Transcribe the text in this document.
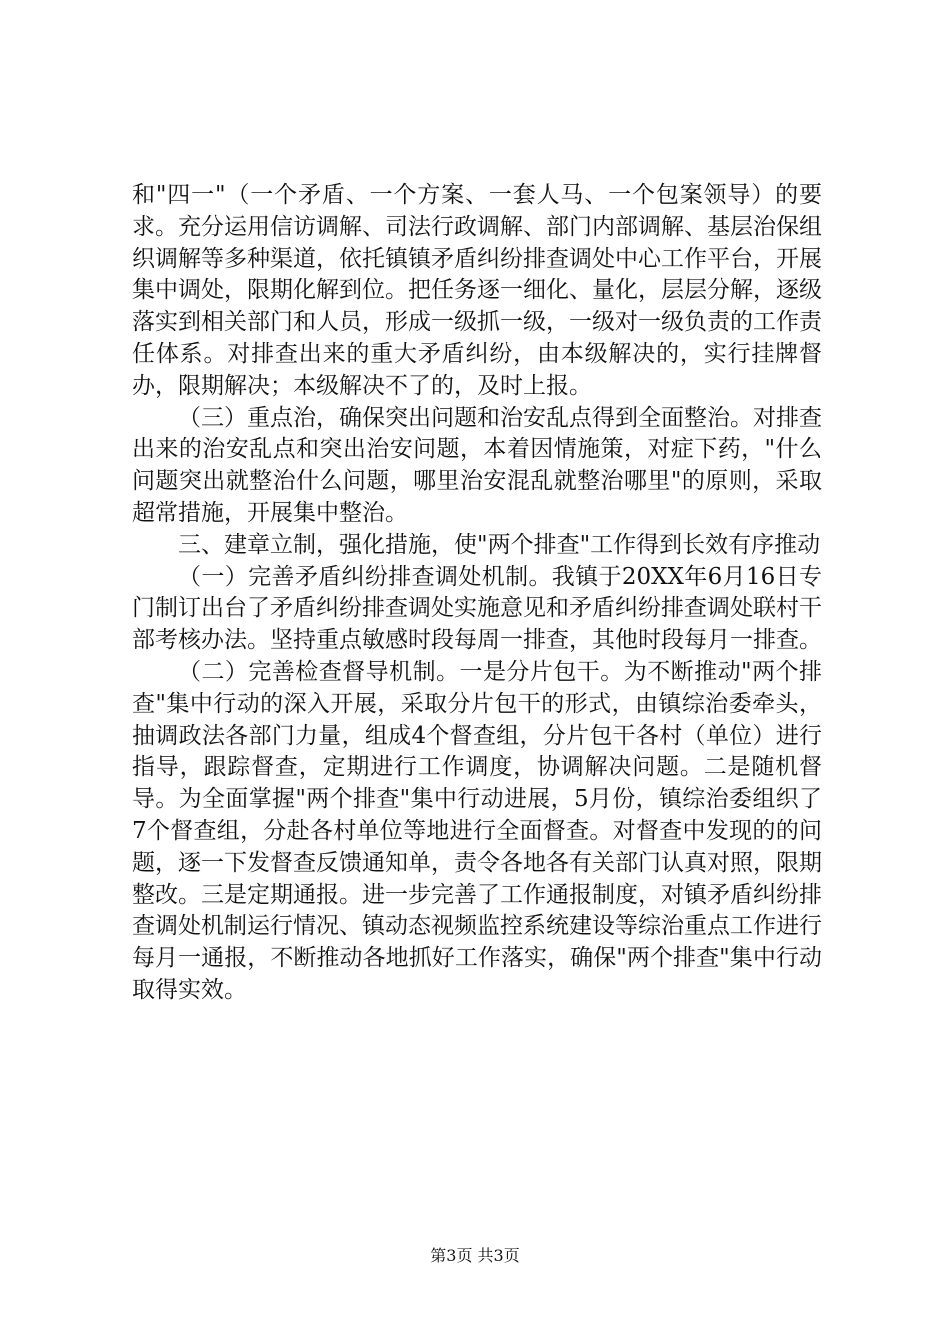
和"四一"（一个矛盾、一个方案、一套人马、一个包案领导）的要求。充分运用信访调解、司法行政调解、部门内部调解、基层治保组织调解等多种渠道，依托镇镇矛盾纠纷排查调处中心工作平台，开展集中调处，限期化解到位。把任务逐一细化、量化，层层分解，逐级落实到相关部门和人员，形成一级抓一级，一级对一级负责的工作责任体系。对排查出来的重大矛盾纠纷，由本级解决的，实行挂牌督办，限期解决；本级解决不了的，及时上报。

（三）重点治，确保突出问题和治安乱点得到全面整治。对排查出来的治安乱点和突出治安问题，本着因情施策，对症下药，"什么问题突出就整治什么问题，哪里治安混乱就整治哪里"的原则，采取超常措施，开展集中整治。

三、建章立制，强化措施，使"两个排查"工作得到长效有序推动

（一）完善矛盾纠纷排查调处机制。我镇于20XX年6月16日专门制订出台了矛盾纠纷排查调处实施意见和矛盾纠纷排查调处联村干部考核办法。坚持重点敏感时段每周一排查，其他时段每月一排查。

（二）完善检查督导机制。一是分片包干。为不断推动"两个排查"集中行动的深入开展，采取分片包干的形式，由镇综治委牵头，抽调政法各部门力量，组成4个督查组，分片包干各村（单位）进行指导，跟踪督查，定期进行工作调度，协调解决问题。二是随机督导。为全面掌握"两个排查"集中行动进展，5月份，镇综治委组织了7个督查组，分赴各村单位等地进行全面督查。对督查中发现的的问题，逐一下发督查反馈通知单，责令各地各有关部门认真对照，限期整改。三是定期通报。进一步完善了工作通报制度，对镇矛盾纠纷排查调处机制运行情况、镇动态视频监控系统建设等综治重点工作进行每月一通报，不断推动各地抓好工作落实，确保"两个排查"集中行动取得实效。

第3页 共3页
